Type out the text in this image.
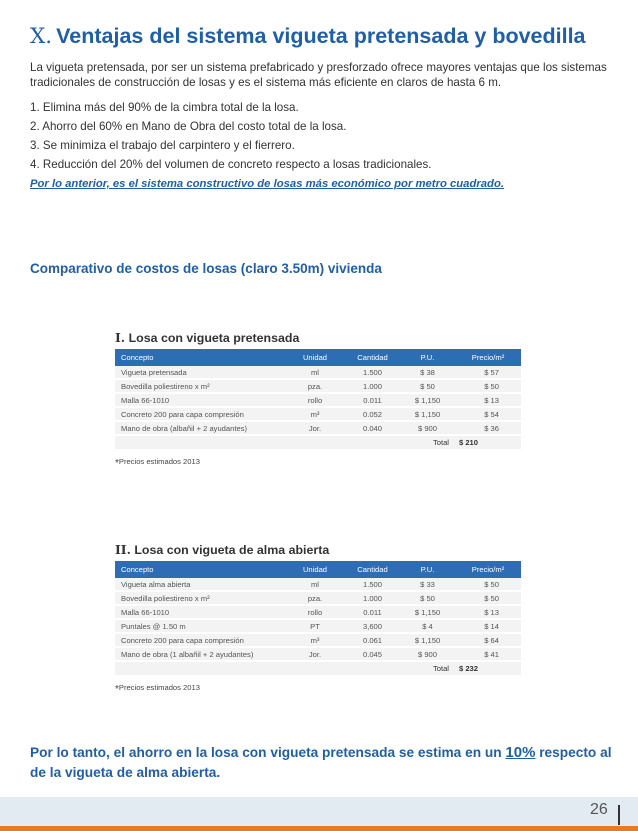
X. Ventajas del sistema vigueta pretensada y bovedilla

La vigueta pretensada, por ser un sistema prefabricado y presforzado ofrece mayores ventajas que los sistemas tradicionales de construcción de losas y es el sistema más eficiente en claros de hasta 6 m.

1. Elimina más del 90% de la cimbra total de la losa.
2. Ahorro del 60% en Mano de Obra del costo total de la losa.
3. Se minimiza el trabajo del carpintero y el fierrero.
4. Reducción del 20% del volumen de concreto respecto a losas tradicionales.

Por lo anterior, es el sistema constructivo de losas más económico por metro cuadrado.

Comparativo de costos de losas (claro 3.50m) vivienda
I. Losa con vigueta pretensada
Concepto	Unidad	Cantidad	P.U.	Precio/m²
Vigueta pretensada	ml	1.500	$ 38	$ 57
Bovedilla poliestireno x m²	pza.	1.000	$ 50	$ 50
Malla 66-1010	rollo	0.011	$ 1,150	$ 13
Concreto 200 para capa compresión	m³	0.052	$ 1,150	$ 54
Mano de obra (albañil + 2 ayudantes)	Jor.	0.040	$ 900	$ 36
Total				$ 210
*Precios estimados 2013
II. Losa con vigueta de alma abierta
Concepto	Unidad	Cantidad	P.U.	Precio/m²
Vigueta alma abierta	ml	1.500	$ 33	$ 50
Bovedilla poliestireno x m²	pza.	1.000	$ 50	$ 50
Malla 66-1010	rollo	0.011	$ 1,150	$ 13
Puntales @ 1.50 m	PT	3,600	$ 4	$ 14
Concreto 200 para capa compresión	m³	0.061	$ 1,150	$ 64
Mano de obra (1 albañil + 2 ayudantes)	Jor.	0.045	$ 900	$ 41
Total				$ 232
*Precios estimados 2013

Por lo tanto, el ahorro en la losa con vigueta pretensada se estima en un 10% respecto al de la vigueta de alma abierta.

26
